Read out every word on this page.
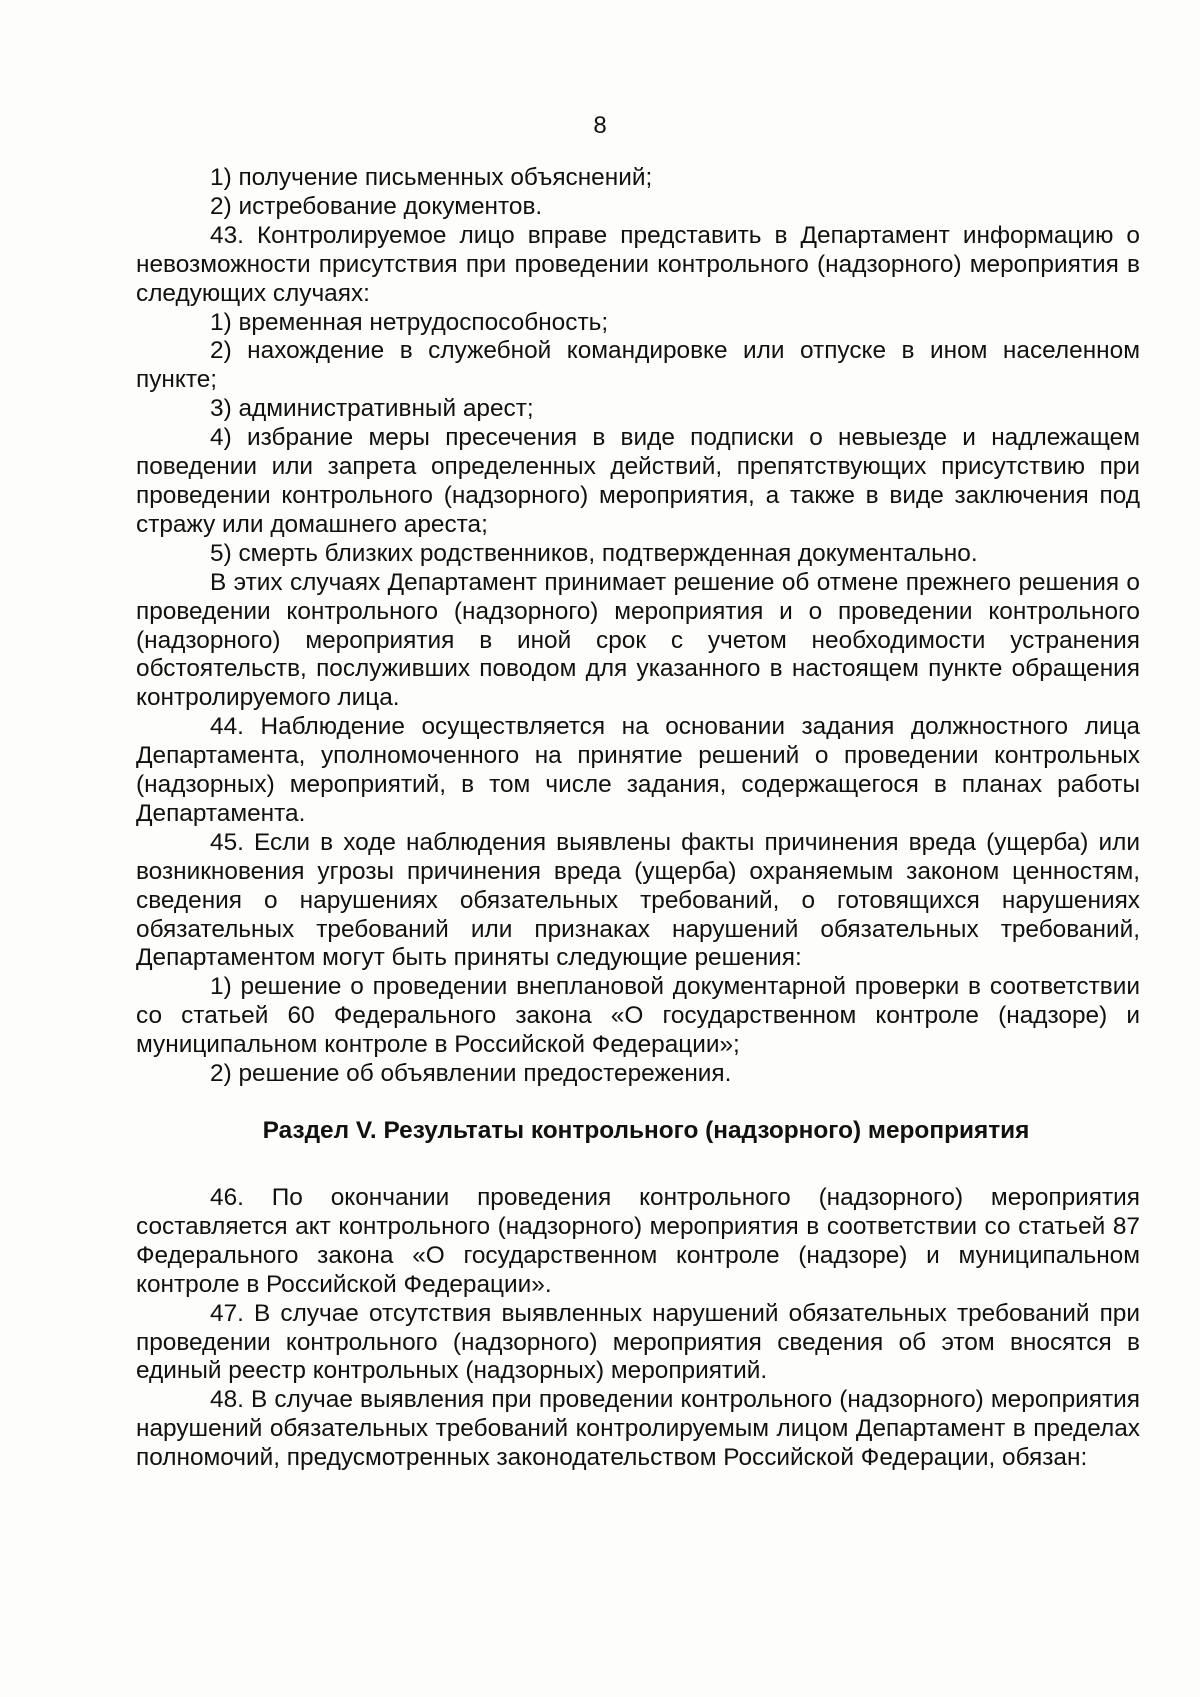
8

1) получение письменных объяснений;

2) истребование документов.

43. Контролируемое лицо вправе представить в Департамент информацию о невозможности присутствия при проведении контрольного (надзорного) мероприятия в следующих случаях:

1) временная нетрудоспособность;

2) нахождение в служебной командировке или отпуске в ином населенном пункте;

3) административный арест;

4) избрание меры пресечения в виде подписки о невыезде и надлежащем поведении или запрета определенных действий, препятствующих присутствию при проведении контрольного (надзорного) мероприятия, а также в виде заключения под стражу или домашнего ареста;

5) смерть близких родственников, подтвержденная документально.

В этих случаях Департамент принимает решение об отмене прежнего решения о проведении контрольного (надзорного) мероприятия и о проведении контрольного (надзорного) мероприятия в иной срок с учетом необходимости устранения обстоятельств, послуживших поводом для указанного в настоящем пункте обращения контролируемого лица.

44. Наблюдение осуществляется на основании задания должностного лица Департамента, уполномоченного на принятие решений о проведении контрольных (надзорных) мероприятий, в том числе задания, содержащегося в планах работы Департамента.

45. Если в ходе наблюдения выявлены факты причинения вреда (ущерба) или возникновения угрозы причинения вреда (ущерба) охраняемым законом ценностям, сведения о нарушениях обязательных требований, о готовящихся нарушениях обязательных требований или признаках нарушений обязательных требований, Департаментом могут быть приняты следующие решения:

1) решение о проведении внеплановой документарной проверки в соответствии со статьей 60 Федерального закона «О государственном контроле (надзоре) и муниципальном контроле в Российской Федерации»;

2) решение об объявлении предостережения.

Раздел V. Результаты контрольного (надзорного) мероприятия

46. По окончании проведения контрольного (надзорного) мероприятия составляется акт контрольного (надзорного) мероприятия в соответствии со статьей 87 Федерального закона «О государственном контроле (надзоре) и муниципальном контроле в Российской Федерации».

47. В случае отсутствия выявленных нарушений обязательных требований при проведении контрольного (надзорного) мероприятия сведения об этом вносятся в единый реестр контрольных (надзорных) мероприятий.

48. В случае выявления при проведении контрольного (надзорного) мероприятия нарушений обязательных требований контролируемым лицом Департамент в пределах полномочий, предусмотренных законодательством Российской Федерации, обязан:
